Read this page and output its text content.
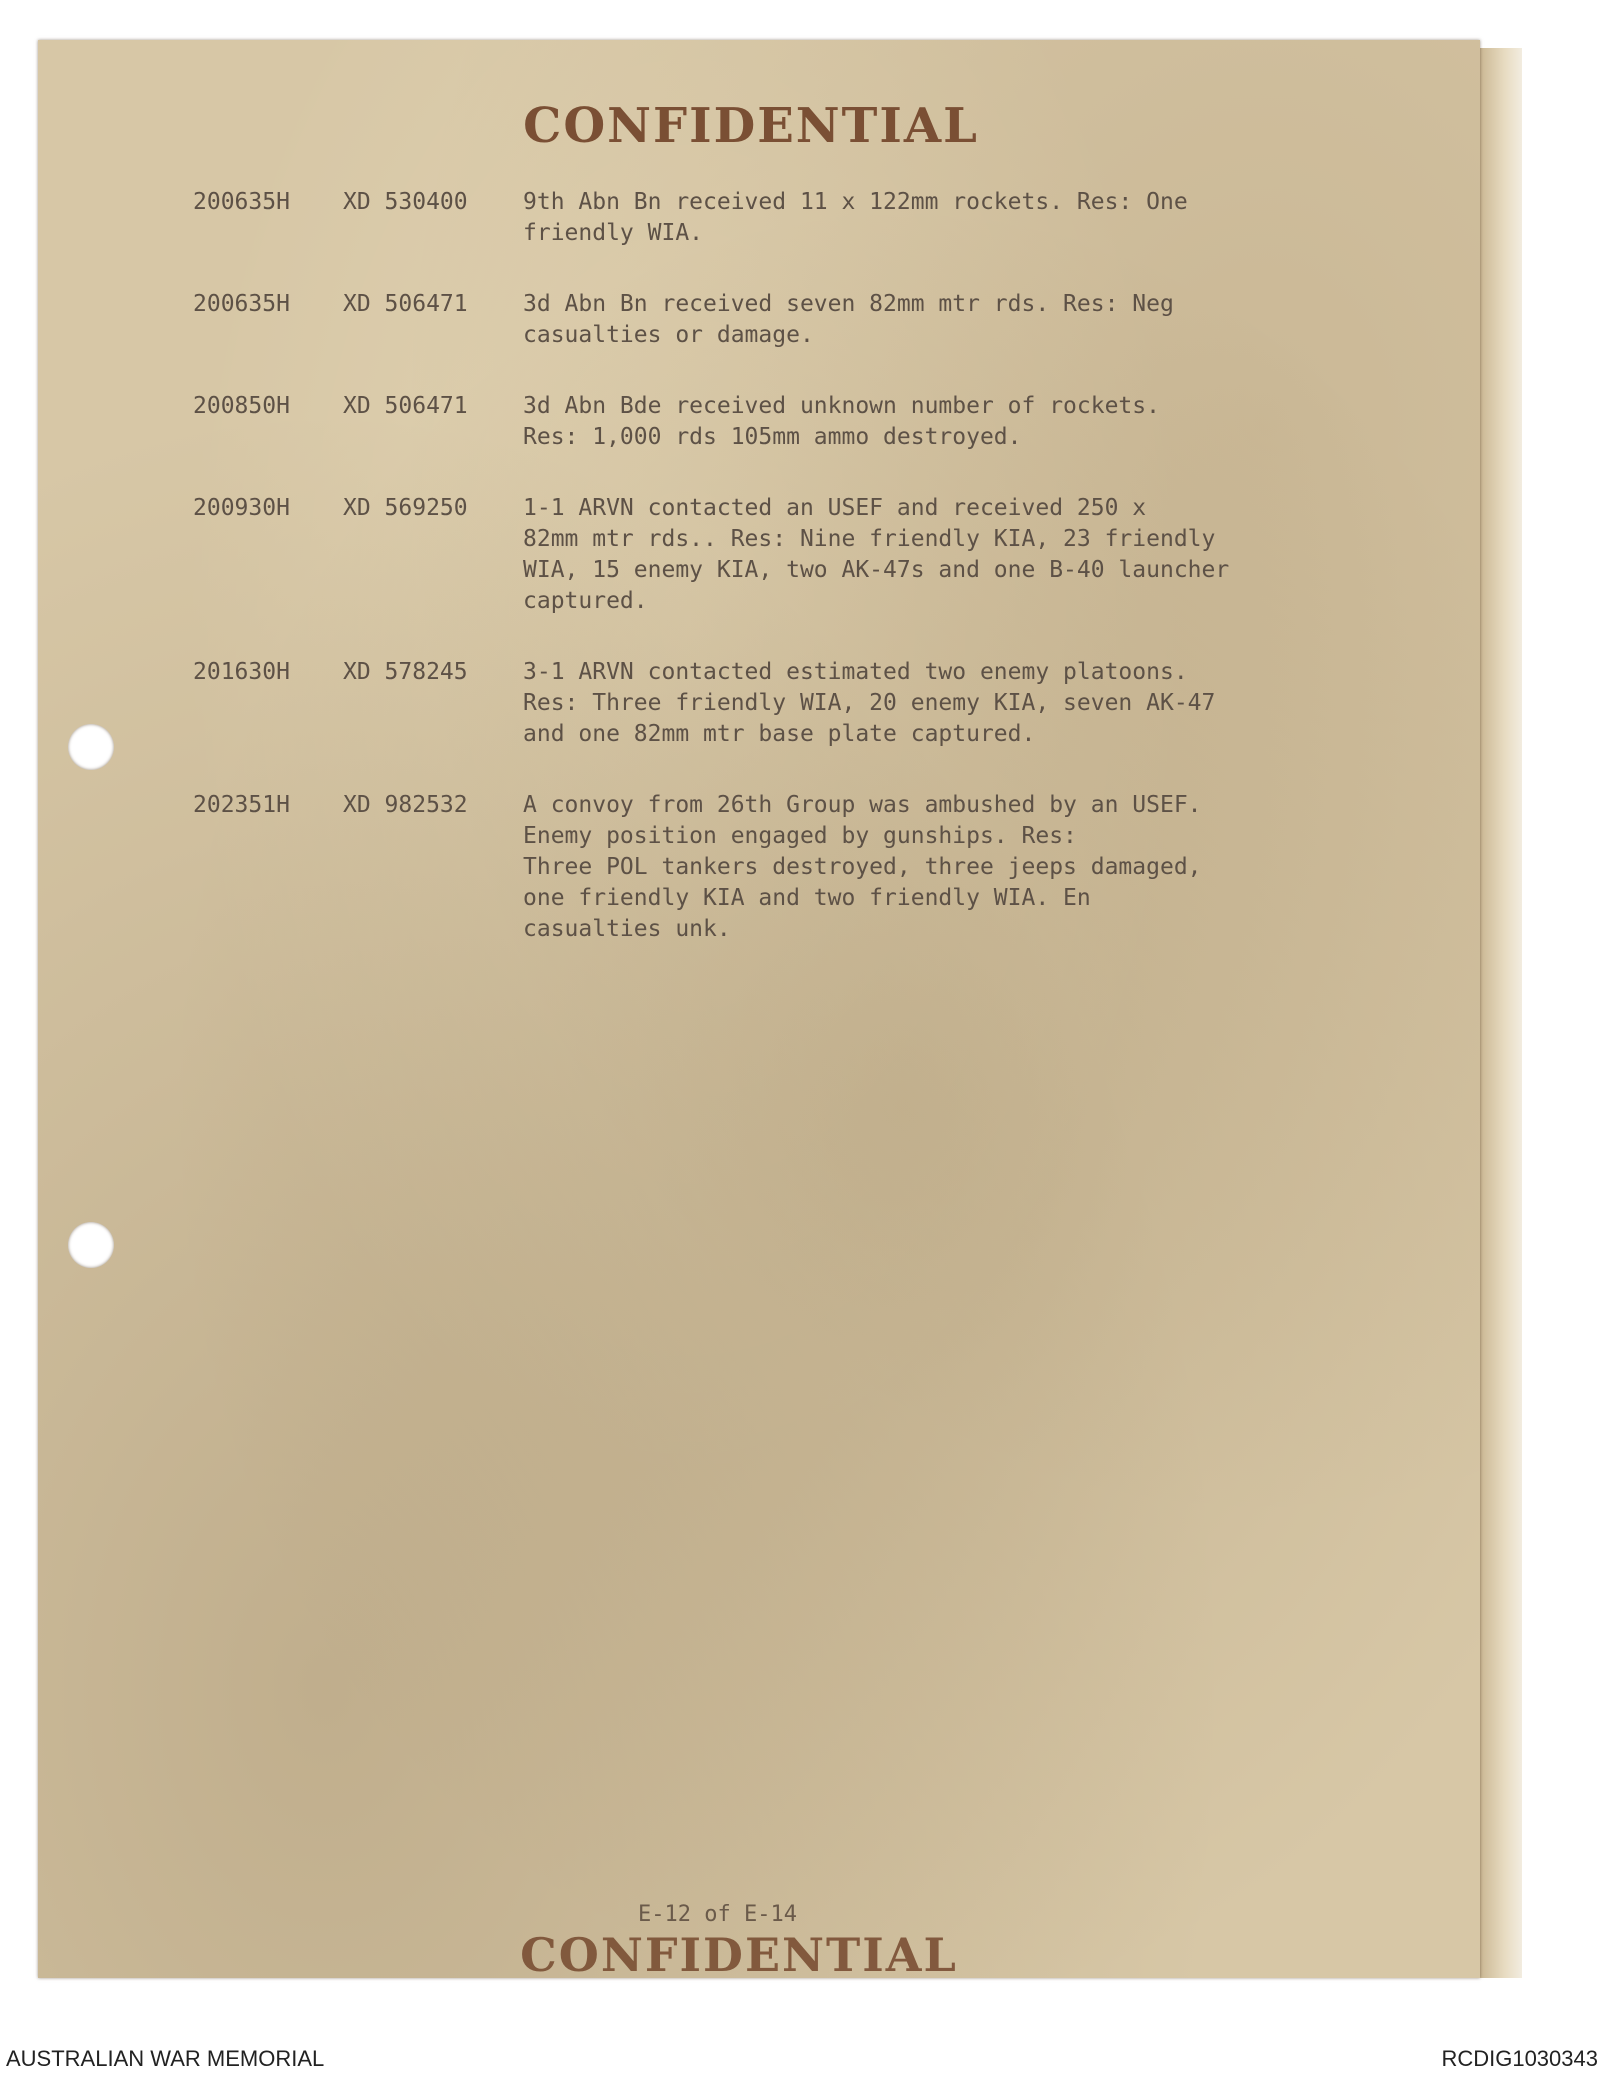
CONFIDENTIAL
200635H	XD 530400	9th Abn Bn received 11 x 122mm rockets. Res: One
friendly WIA.
200635H	XD 506471	3d Abn Bn received seven 82mm mtr rds. Res: Neg
casualties or damage.
200850H	XD 506471	3d Abn Bde received unknown number of rockets.
Res: 1,000 rds 105mm ammo destroyed.
200930H	XD 569250	1-1 ARVN contacted an USEF and received 250 x
82mm mtr rds.. Res: Nine friendly KIA, 23 friendly
WIA, 15 enemy KIA, two AK-47s and one B-40 launcher
captured.
201630H	XD 578245	3-1 ARVN contacted estimated two enemy platoons.
Res: Three friendly WIA, 20 enemy KIA, seven AK-47
and one 82mm mtr base plate captured.
202351H	XD 982532	A convoy from 26th Group was ambushed by an USEF.
Enemy position engaged by gunships. Res:
Three POL tankers destroyed, three jeeps damaged,
one friendly KIA and two friendly WIA. En
casualties unk.
E-12 of E-14
CONFIDENTIAL
AUSTRALIAN WAR MEMORIAL	RCDIG1030343
